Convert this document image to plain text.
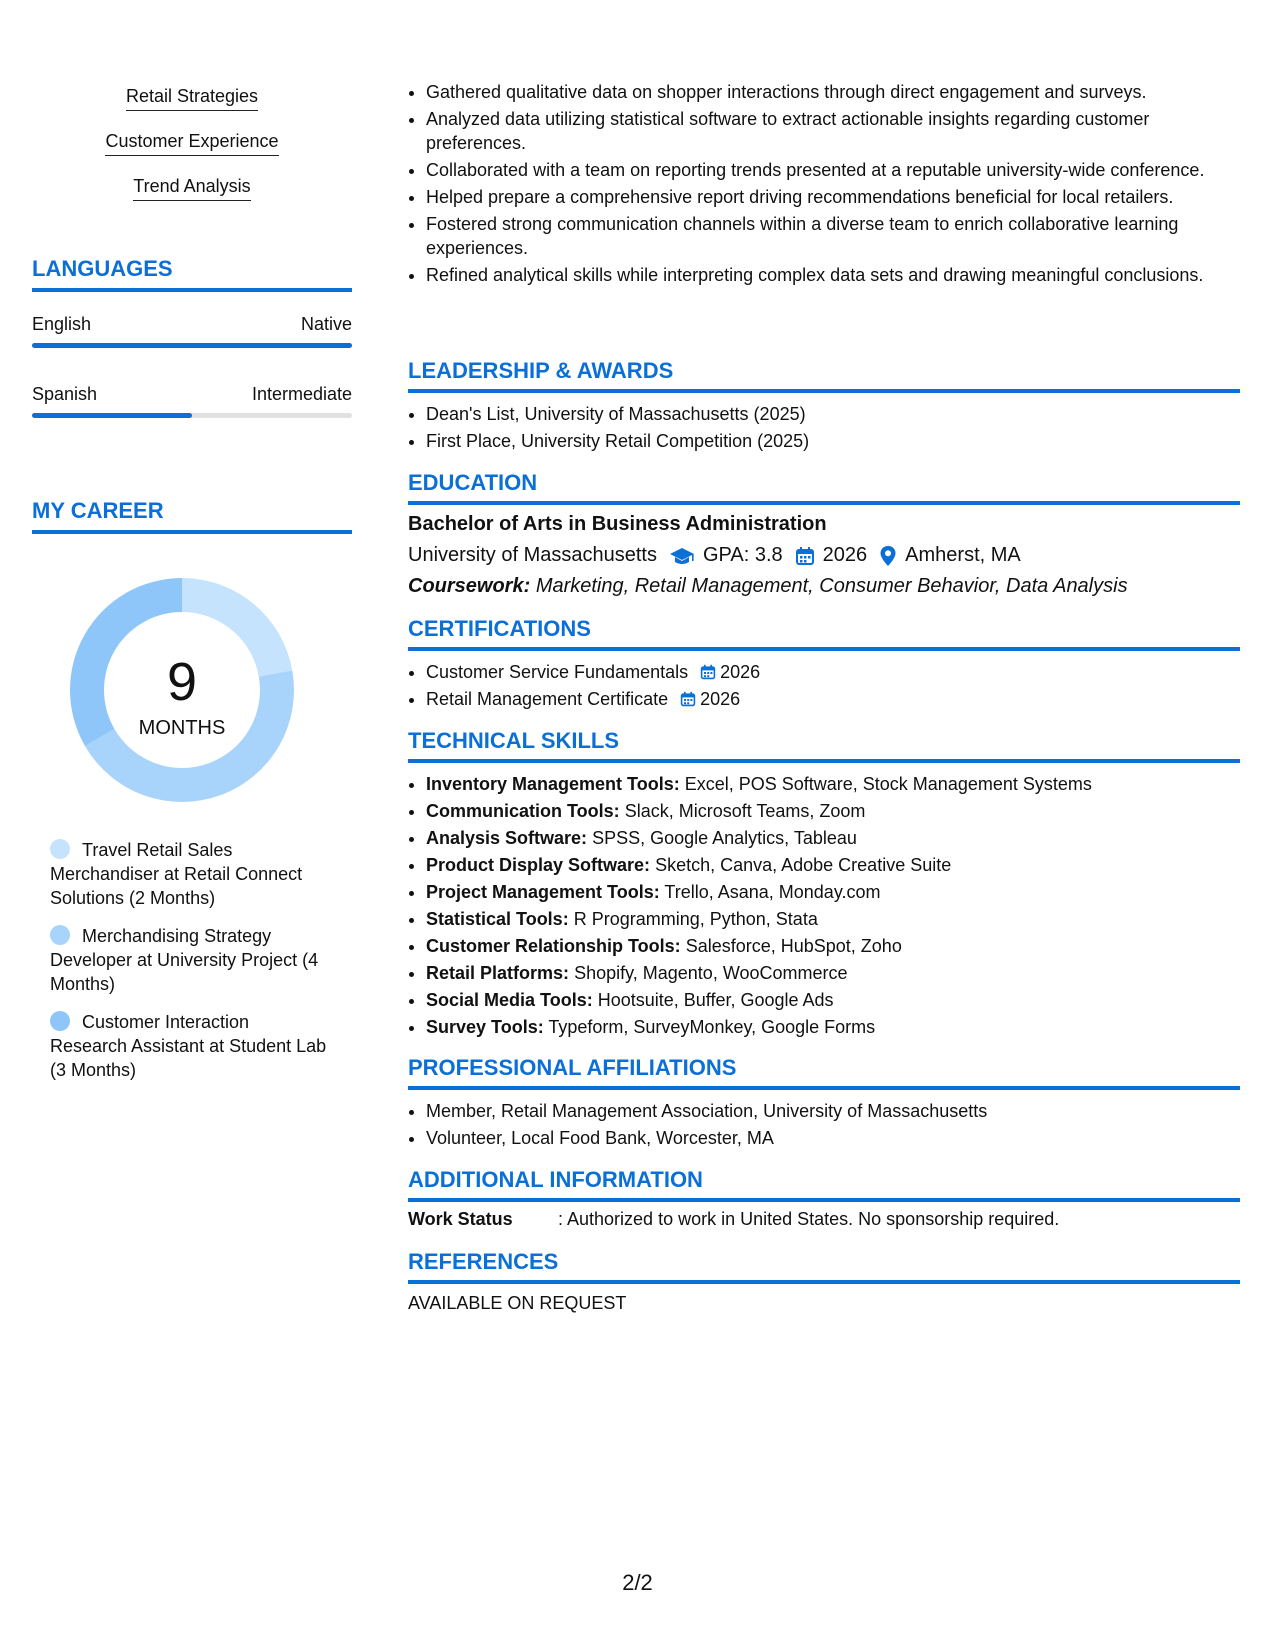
Retail Strategies
Customer Experience
Trend Analysis
LANGUAGES
English	Native
Spanish	Intermediate
MY CAREER
9
MONTHS
Travel Retail Sales Merchandiser at Retail Connect Solutions (2 Months)
Merchandising Strategy Developer at University Project (4 Months)
Customer Interaction Research Assistant at Student Lab (3 Months)
• Gathered qualitative data on shopper interactions through direct engagement and surveys.
• Analyzed data utilizing statistical software to extract actionable insights regarding customer preferences.
• Collaborated with a team on reporting trends presented at a reputable university-wide conference.
• Helped prepare a comprehensive report driving recommendations beneficial for local retailers.
• Fostered strong communication channels within a diverse team to enrich collaborative learning experiences.
• Refined analytical skills while interpreting complex data sets and drawing meaningful conclusions.
LEADERSHIP & AWARDS
• Dean's List, University of Massachusetts (2025)
• First Place, University Retail Competition (2025)
EDUCATION
Bachelor of Arts in Business Administration
University of Massachusetts GPA: 3.8 2026 Amherst, MA
Coursework: Marketing, Retail Management, Consumer Behavior, Data Analysis
CERTIFICATIONS
• Customer Service Fundamentals 2026
• Retail Management Certificate 2026
TECHNICAL SKILLS
• Inventory Management Tools: Excel, POS Software, Stock Management Systems
• Communication Tools: Slack, Microsoft Teams, Zoom
• Analysis Software: SPSS, Google Analytics, Tableau
• Product Display Software: Sketch, Canva, Adobe Creative Suite
• Project Management Tools: Trello, Asana, Monday.com
• Statistical Tools: R Programming, Python, Stata
• Customer Relationship Tools: Salesforce, HubSpot, Zoho
• Retail Platforms: Shopify, Magento, WooCommerce
• Social Media Tools: Hootsuite, Buffer, Google Ads
• Survey Tools: Typeform, SurveyMonkey, Google Forms
PROFESSIONAL AFFILIATIONS
• Member, Retail Management Association, University of Massachusetts
• Volunteer, Local Food Bank, Worcester, MA
ADDITIONAL INFORMATION
Work Status	: Authorized to work in United States. No sponsorship required.
REFERENCES
AVAILABLE ON REQUEST
2/2
